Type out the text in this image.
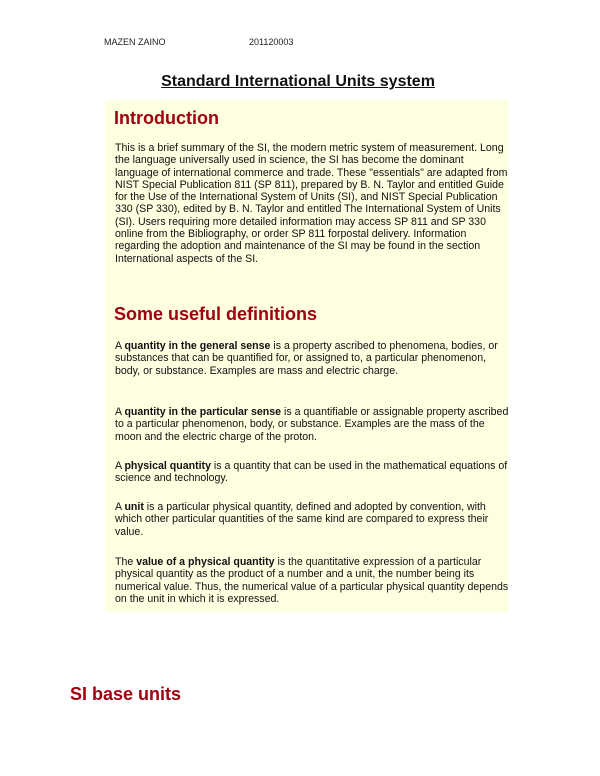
MAZEN ZAINO	201120003
Standard International Units system
Introduction
This is a brief summary of the SI, the modern metric system of measurement. Long the language universally used in science, the SI has become the dominant language of international commerce and trade. These "essentials" are adapted from NIST Special Publication 811 (SP 811), prepared by B. N. Taylor and entitled Guide for the Use of the International System of Units (SI), and NIST Special Publication 330 (SP 330), edited by B. N. Taylor and entitled The International System of Units (SI). Users requiring more detailed information may access SP 811 and SP 330 online from the Bibliography, or order SP 811 forpostal delivery. Information regarding the adoption and maintenance of the SI may be found in the section International aspects of the SI.
Some useful definitions
A quantity in the general sense is a property ascribed to phenomena, bodies, or substances that can be quantified for, or assigned to, a particular phenomenon, body, or substance. Examples are mass and electric charge.
A quantity in the particular sense is a quantifiable or assignable property ascribed to a particular phenomenon, body, or substance. Examples are the mass of the moon and the electric charge of the proton.
A physical quantity is a quantity that can be used in the mathematical equations of science and technology.
A unit is a particular physical quantity, defined and adopted by convention, with which other particular quantities of the same kind are compared to express their value.
The value of a physical quantity is the quantitative expression of a particular physical quantity as the product of a number and a unit, the number being its numerical value. Thus, the numerical value of a particular physical quantity depends on the unit in which it is expressed.
SI base units
